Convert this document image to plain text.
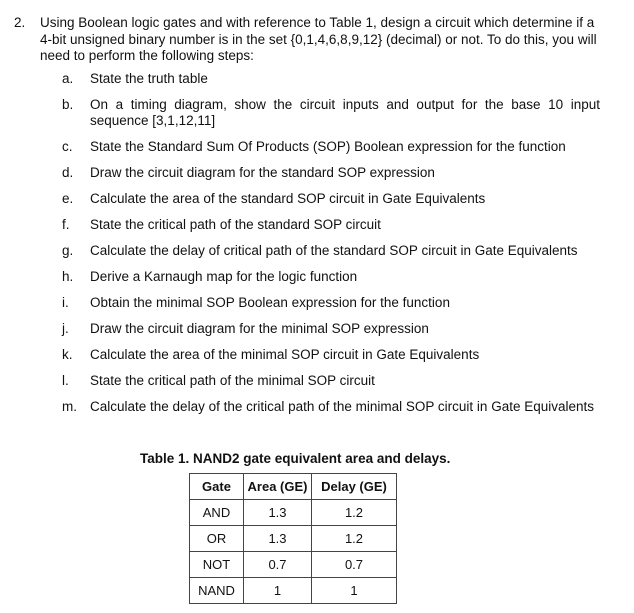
2. Using Boolean logic gates and with reference to Table 1, design a circuit which determine if a 4-bit unsigned binary number is in the set {0,1,4,6,8,9,12} (decimal) or not. To do this, you will need to perform the following steps:
a. State the truth table
b. On a timing diagram, show the circuit inputs and output for the base 10 input sequence [3,1,12,11]
c. State the Standard Sum Of Products (SOP) Boolean expression for the function
d. Draw the circuit diagram for the standard SOP expression
e. Calculate the area of the standard SOP circuit in Gate Equivalents
f. State the critical path of the standard SOP circuit
g. Calculate the delay of critical path of the standard SOP circuit in Gate Equivalents
h. Derive a Karnaugh map for the logic function
i. Obtain the minimal SOP Boolean expression for the function
j. Draw the circuit diagram for the minimal SOP expression
k. Calculate the area of the minimal SOP circuit in Gate Equivalents
l. State the critical path of the minimal SOP circuit
m. Calculate the delay of the critical path of the minimal SOP circuit in Gate Equivalents
Table 1. NAND2 gate equivalent area and delays.
Gate	Area (GE)	Delay (GE)
AND	1.3	1.2
OR	1.3	1.2
NOT	0.7	0.7
NAND	1	1
